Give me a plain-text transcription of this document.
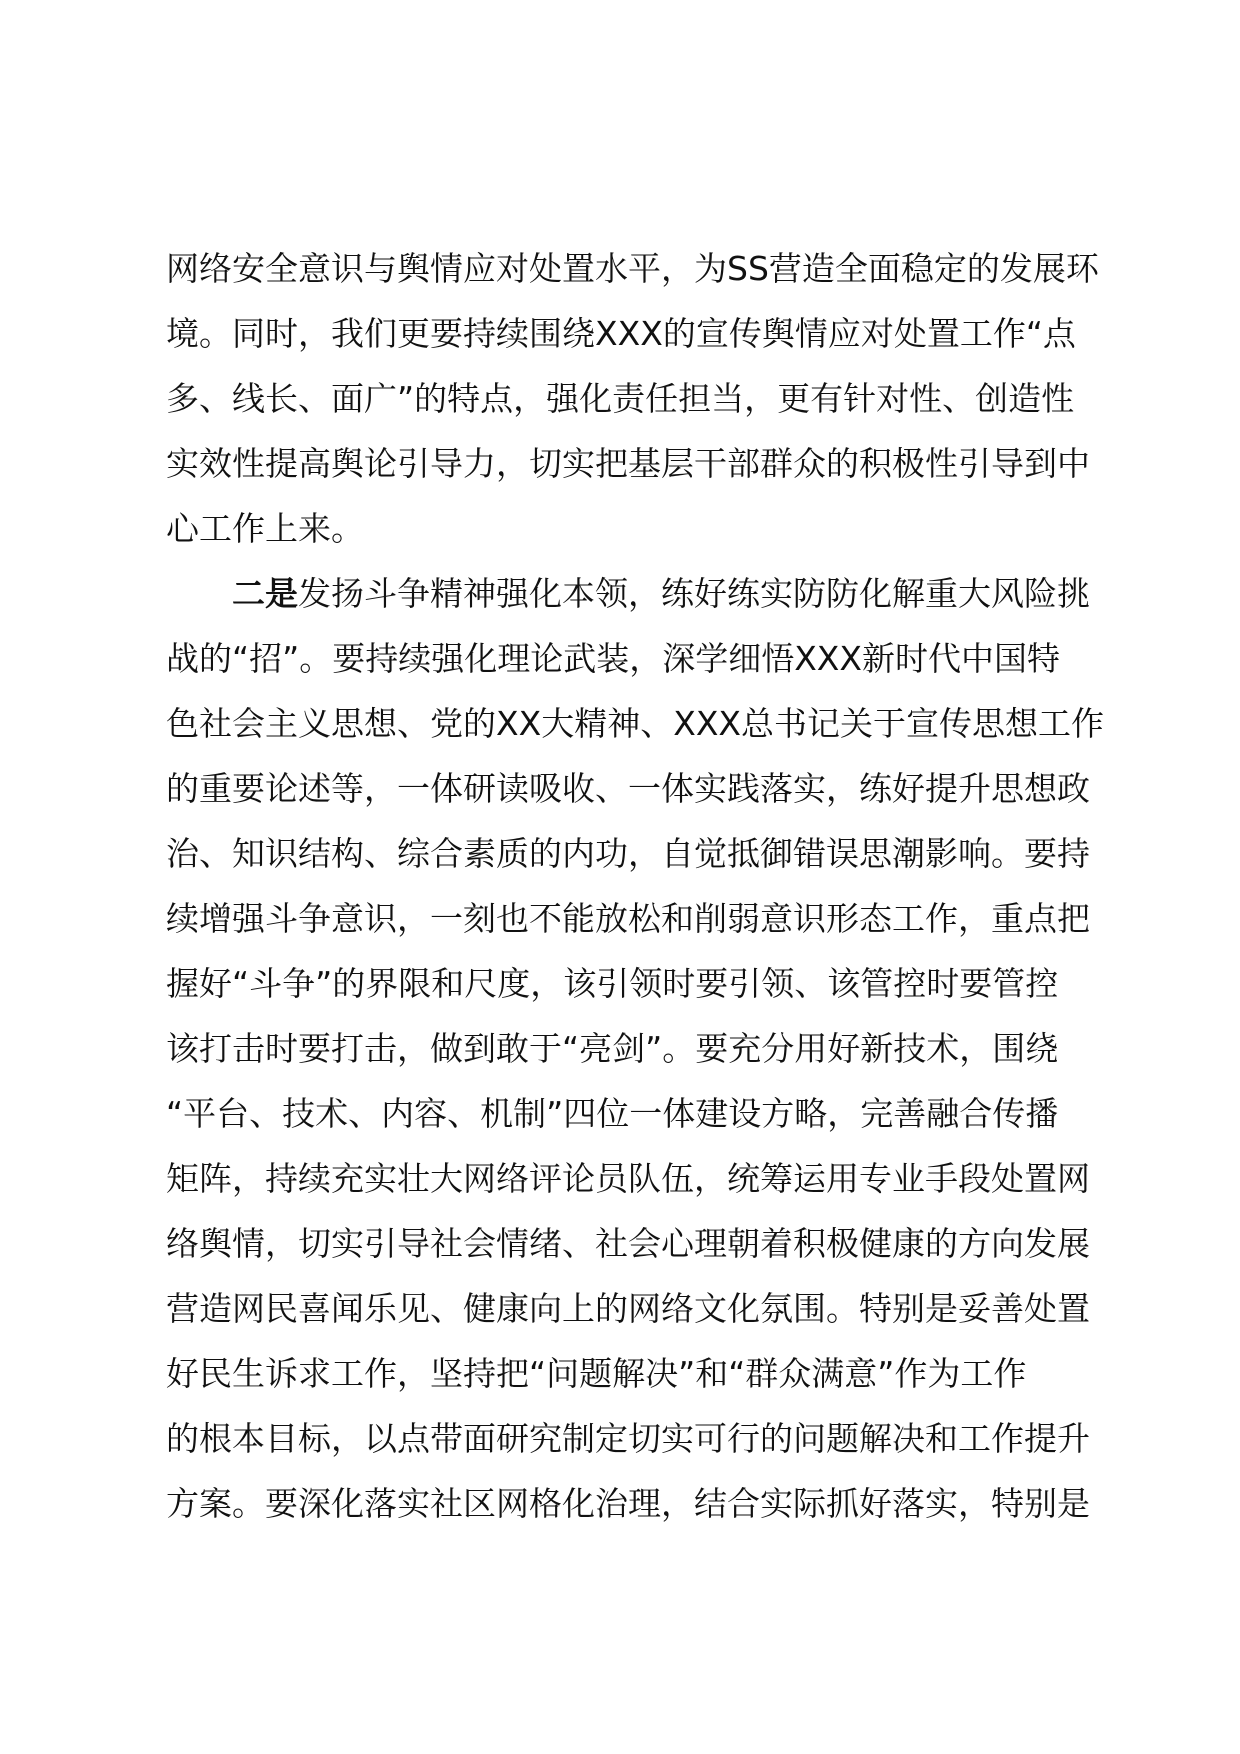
网络安全意识与舆情应对处置水平，为SS营造全面稳定的发展环
境。同时，我们更要持续围绕XXX的宣传舆情应对处置工作“点
多、线长、面广”的特点，强化责任担当，更有针对性、创造性
实效性提高舆论引导力，切实把基层干部群众的积极性引导到中
心工作上来。
二是发扬斗争精神强化本领，练好练实防防化解重大风险挑
战的“招”。要持续强化理论武装，深学细悟XXX新时代中国特
色社会主义思想、党的XX大精神、XXX总书记关于宣传思想工作
的重要论述等，一体研读吸收、一体实践落实，练好提升思想政
治、知识结构、综合素质的内功，自觉抵御错误思潮影响。要持
续增强斗争意识，一刻也不能放松和削弱意识形态工作，重点把
握好“斗争”的界限和尺度，该引领时要引领、该管控时要管控
该打击时要打击，做到敢于“亮剑”。要充分用好新技术，围绕
“平台、技术、内容、机制”四位一体建设方略，完善融合传播
矩阵，持续充实壮大网络评论员队伍，统筹运用专业手段处置网
络舆情，切实引导社会情绪、社会心理朝着积极健康的方向发展
营造网民喜闻乐见、健康向上的网络文化氛围。特别是妥善处置
好民生诉求工作，坚持把“问题解决”和“群众满意”作为工作
的根本目标，以点带面研究制定切实可行的问题解决和工作提升
方案。要深化落实社区网格化治理，结合实际抓好落实，特别是
